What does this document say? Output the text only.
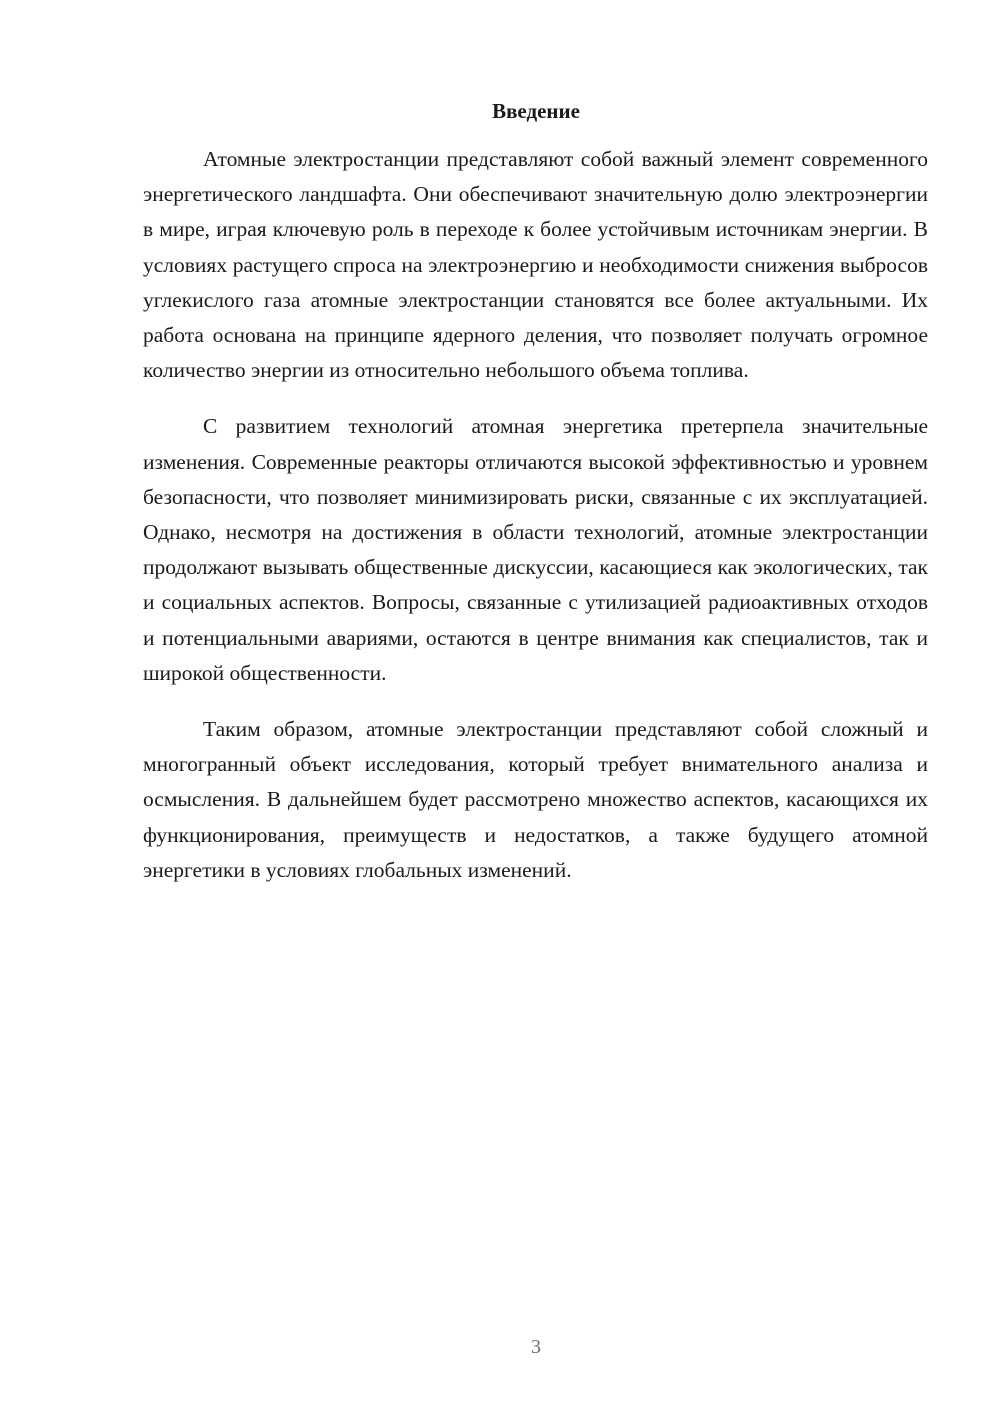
Введение

Атомные электростанции представляют собой важный элемент современного энергетического ландшафта. Они обеспечивают значительную долю электроэнергии в мире, играя ключевую роль в переходе к более устойчивым источникам энергии. В условиях растущего спроса на электроэнергию и необходимости снижения выбросов углекислого газа атомные электростанции становятся все более актуальными. Их работа основана на принципе ядерного деления, что позволяет получать огромное количество энергии из относительно небольшого объема топлива.

С развитием технологий атомная энергетика претерпела значительные изменения. Современные реакторы отличаются высокой эффективностью и уровнем безопасности, что позволяет минимизировать риски, связанные с их эксплуатацией. Однако, несмотря на достижения в области технологий, атомные электростанции продолжают вызывать общественные дискуссии, касающиеся как экологических, так и социальных аспектов. Вопросы, связанные с утилизацией радиоактивных отходов и потенциальными авариями, остаются в центре внимания как специалистов, так и широкой общественности.

Таким образом, атомные электростанции представляют собой сложный и многогранный объект исследования, который требует внимательного анализа и осмысления. В дальнейшем будет рассмотрено множество аспектов, касающихся их функционирования, преимуществ и недостатков, а также будущего атомной энергетики в условиях глобальных изменений.

3
